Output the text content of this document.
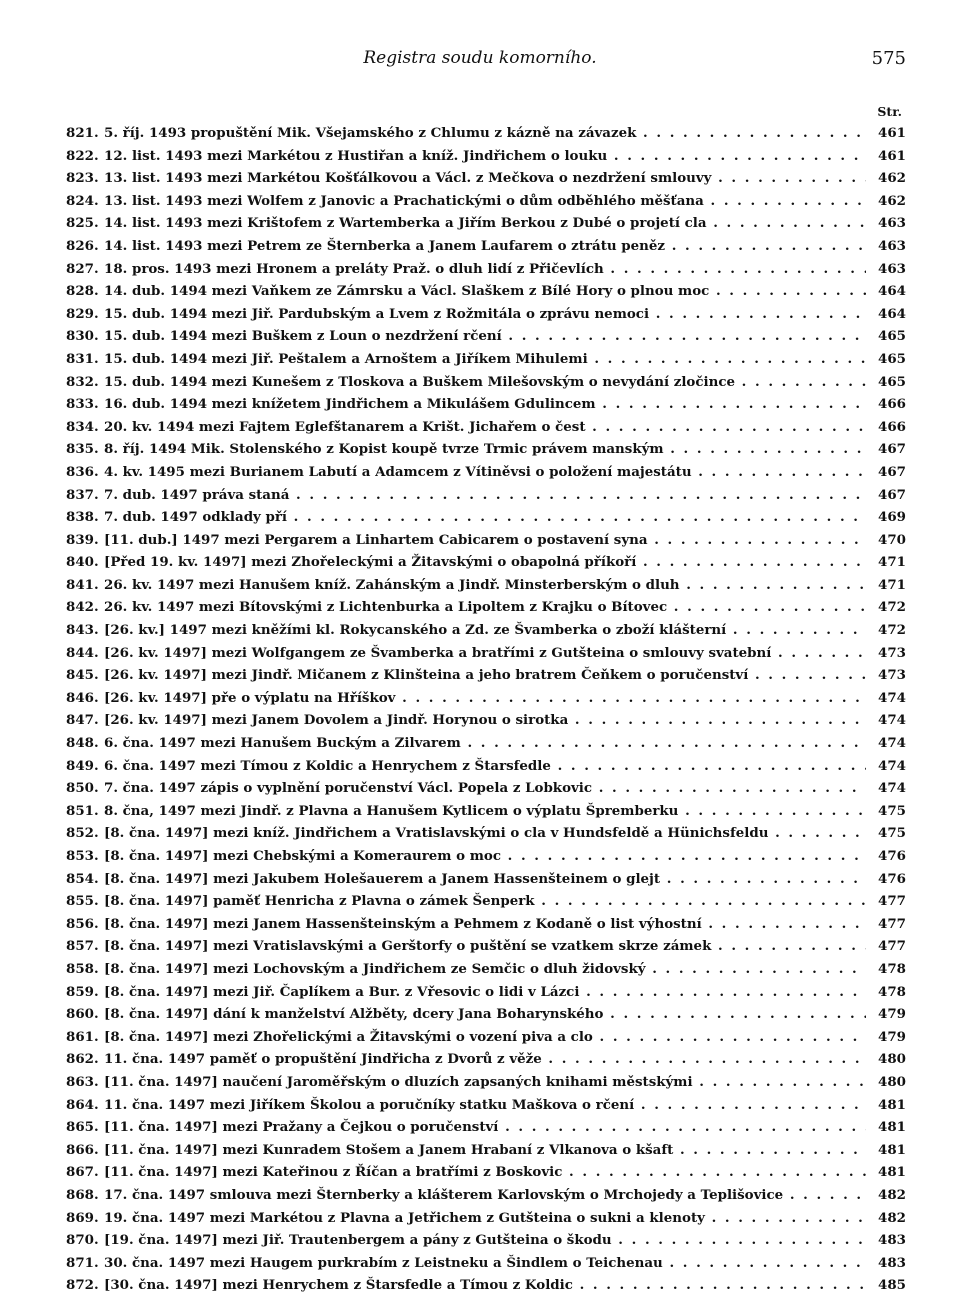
Registra soudu komorního.	575
Str.
821. 5. říj. 1493 propuštění Mik. Všejamského z Chlumu z kázně na závazek . . .	461
822. 12. list. 1493 mezi Markétou z Hustiřan a kníž. Jindřichem o louku . . .	461
823. 13. list. 1493 mezi Markétou Košťálkovou a Václ. z Mečkova o nezdržení smlouvy . . .	462
824. 13. list. 1493 mezi Wolfem z Janovic a Prachatickými o dům odběhlého měšťana . . .	462
825. 14. list. 1493 mezi Krištofem z Wartemberka a Jiřím Berkou z Dubé o projetí cla . . .	463
826. 14. list. 1493 mezi Petrem ze Šternberka a Janem Laufarem o ztrátu peněz . . .	463
827. 18. pros. 1493 mezi Hronem a preláty Praž. o dluh lidí z Přičevlích . . .	463
828. 14. dub. 1494 mezi Vaňkem ze Zámrsku a Václ. Slaškem z Bílé Hory o plnou moc . . .	464
829. 15. dub. 1494 mezi Jiř. Pardubským a Lvem z Rožmitála o zprávu nemoci . . .	464
830. 15. dub. 1494 mezi Buškem z Loun o nezdržení rčení . . .	465
831. 15. dub. 1494 mezi Jiř. Peštalem a Arnoštem a Jiříkem Mihulemi . . .	465
832. 15. dub. 1494 mezi Kunešem z Tloskova a Buškem Milešovským o nevydání zločince . . .	465
833. 16. dub. 1494 mezi knížetem Jindřichem a Mikulášem Gdulincem . . .	466
834. 20. kv. 1494 mezi Fajtem Eglefštanarem a Krišt. Jichařem o čest . . .	466
835. 8. říj. 1494 Mik. Stolenského z Kopist koupě tvrze Trmic právem manským . . .	467
836. 4. kv. 1495 mezi Burianem Labutí a Adamcem z Vítiněvsi o položení majestátu . . .	467
837. 7. dub. 1497 práva staná . . .	467
838. 7. dub. 1497 odklady pří . . .	469
839. [11. dub.] 1497 mezi Pergarem a Linhartem Cabicarem o postavení syna . . .	470
840. [Před 19. kv. 1497] mezi Zhořeleckými a Žitavskými o obapolná příkoří . . .	471
841. 26. kv. 1497 mezi Hanušem kníž. Zahánským a Jindř. Minsterberským o dluh . . .	471
842. 26. kv. 1497 mezi Bítovskými z Lichtenburka a Lipoltem z Krajku o Bítovec . . .	472
843. [26. kv.] 1497 mezi kněžími kl. Rokycanského a Zd. ze Švamberka o zboží klášterní . . .	472
844. [26. kv. 1497] mezi Wolfgangem ze Švamberka a bratřími z Gutšteina o smlouvy svatební . . .	473
845. [26. kv. 1497] mezi Jindř. Mičanem z Klinšteina a jeho bratrem Čeňkem o poručenství . . .	473
846. [26. kv. 1497] pře o výplatu na Hříškov . . .	474
847. [26. kv. 1497] mezi Janem Dovolem a Jindř. Horynou o sirotka . . .	474
848. 6. čna. 1497 mezi Hanušem Buckým a Zilvarem . . .	474
849. 6. čna. 1497 mezi Tímou z Koldic a Henrychem z Štarsfedle . . .	474
850. 7. čna. 1497 zápis o vyplnění poručenství Václ. Popela z Lobkovic . . .	474
851. 8. čna, 1497 mezi Jindř. z Plavna a Hanušem Kytlicem o výplatu Špremberku . . .	475
852. [8. čna. 1497] mezi kníž. Jindřichem a Vratislavskými o cla v Hundsfeldě a Hünichsfeldu . . .	475
853. [8. čna. 1497] mezi Chebskými a Komeraurem o moc . . .	476
854. [8. čna. 1497] mezi Jakubem Holešauerem a Janem Hassenšteinem o glejt . . .	476
855. [8. čna. 1497] paměť Henricha z Plavna o zámek Šenperk . . .	477
856. [8. čna. 1497] mezi Janem Hassenšteinským a Pehmem z Kodaně o list výhostní . . .	477
857. [8. čna. 1497] mezi Vratislavskými a Gerštorfy o puštění se vzatkem skrze zámek . . .	477
858. [8. čna. 1497] mezi Lochovským a Jindřichem ze Semčic o dluh židovský . . .	478
859. [8. čna. 1497] mezi Jiř. Čaplíkem a Bur. z Vřesovic o lidi v Lázci . . .	478
860. [8. čna. 1497] dání k manželství Alžběty, dcery Jana Boharynského . . .	479
861. [8. čna. 1497] mezi Zhořelickými a Žitavskými o vození piva a clo . . .	479
862. 11. čna. 1497 paměť o propuštění Jindřicha z Dvorů z věže . . .	480
863. [11. čna. 1497] naučení Jaroměřským o dluzích zapsaných knihami městskými . . .	480
864. 11. čna. 1497 mezi Jiříkem Školou a poručníky statku Maškova o rčení . . .	481
865. [11. čna. 1497] mezi Pražany a Čejkou o poručenství . . .	481
866. [11. čna. 1497] mezi Kunradem Stošem a Janem Hrabaní z Vlkanova o kšaft . . .	481
867. [11. čna. 1497] mezi Kateřinou z Říčan a bratřími z Boskovic . . .	481
868. 17. čna. 1497 smlouva mezi Šternberky a klášterem Karlovským o Mrchojedy a Teplišovice . . .	482
869. 19. čna. 1497 mezi Markétou z Plavna a Jetřichem z Gutšteina o sukni a klenoty . . .	482
870. [19. čna. 1497] mezi Jiř. Trautenbergem a pány z Gutšteina o škodu . . .	483
871. 30. čna. 1497 mezi Haugem purkrabím z Leistneku a Šindlem o Teichenau . . .	483
872. [30. čna. 1497] mezi Henrychem z Štarsfedle a Tímou z Koldic . . .	485
